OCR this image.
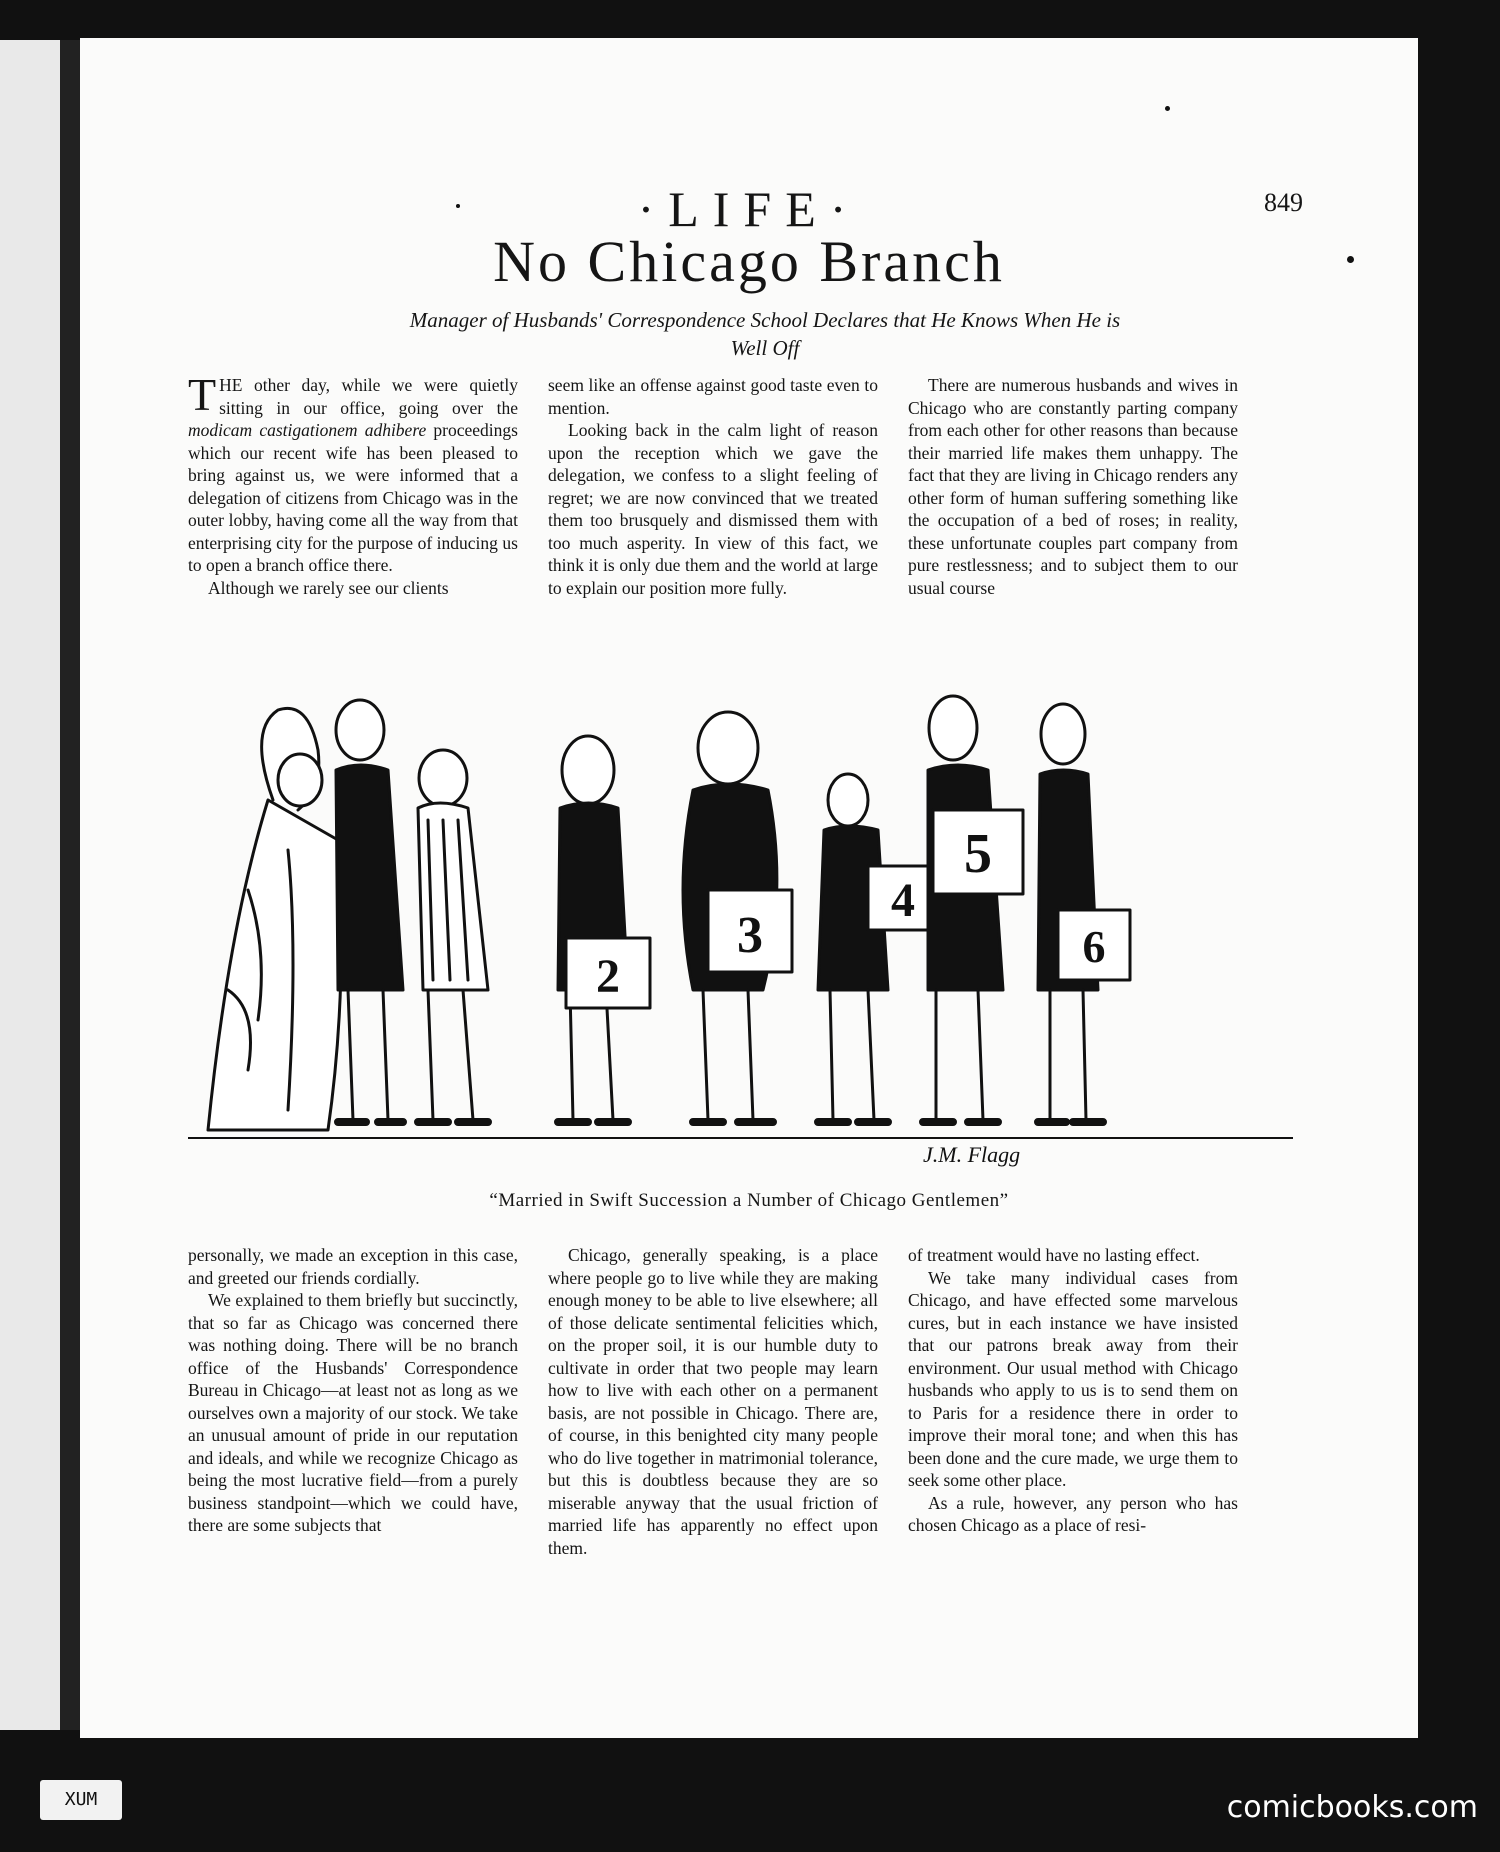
·LIFE·	849
No Chicago Branch
Manager of Husbands' Correspondence School Declares that He Knows When He is Well Off

THE other day, while we were quietly sitting in our office, going over the modicam castigationem adhibere proceedings which our recent wife has been pleased to bring against us, we were informed that a delegation of citizens from Chicago was in the outer lobby, having come all the way from that enterprising city for the purpose of inducing us to open a branch office there.

Although we rarely see our clients

seem like an offense against good taste even to mention.

Looking back in the calm light of reason upon the reception which we gave the delegation, we confess to a slight feeling of regret; we are now convinced that we treated them too brusquely and dismissed them with too much asperity. In view of this fact, we think it is only due them and the world at large to explain our position more fully.

There are numerous husbands and wives in Chicago who are constantly parting company from each other for other reasons than because their married life makes them unhappy. The fact that they are living in Chicago renders any other form of human suffering something like the occupation of a bed of roses; in reality, these unfortunate couples part company from pure restlessness; and to subject them to our usual course

2
3
4
5
6
J.M. Flagg
“Married in Swift Succession a Number of Chicago Gentlemen”

personally, we made an exception in this case, and greeted our friends cordially.

We explained to them briefly but succinctly, that so far as Chicago was concerned there was nothing doing. There will be no branch office of the Husbands' Correspondence Bureau in Chicago—at least not as long as we ourselves own a majority of our stock. We take an unusual amount of pride in our reputation and ideals, and while we recognize Chicago as being the most lucrative field—from a purely business standpoint—which we could have, there are some subjects that

Chicago, generally speaking, is a place where people go to live while they are making enough money to be able to live elsewhere; all of those delicate sentimental felicities which, on the proper soil, it is our humble duty to cultivate in order that two people may learn how to live with each other on a permanent basis, are not possible in Chicago. There are, of course, in this benighted city many people who do live together in matrimonial tolerance, but this is doubtless because they are so miserable anyway that the usual friction of married life has apparently no effect upon them.

of treatment would have no lasting effect.

We take many individual cases from Chicago, and have effected some marvelous cures, but in each instance we have insisted that our patrons break away from their environment. Our usual method with Chicago husbands who apply to us is to send them on to Paris for a residence there in order to improve their moral tone; and when this has been done and the cure made, we urge them to seek some other place.

As a rule, however, any person who has chosen Chicago as a place of resi-

XUM	comicbooks.com
